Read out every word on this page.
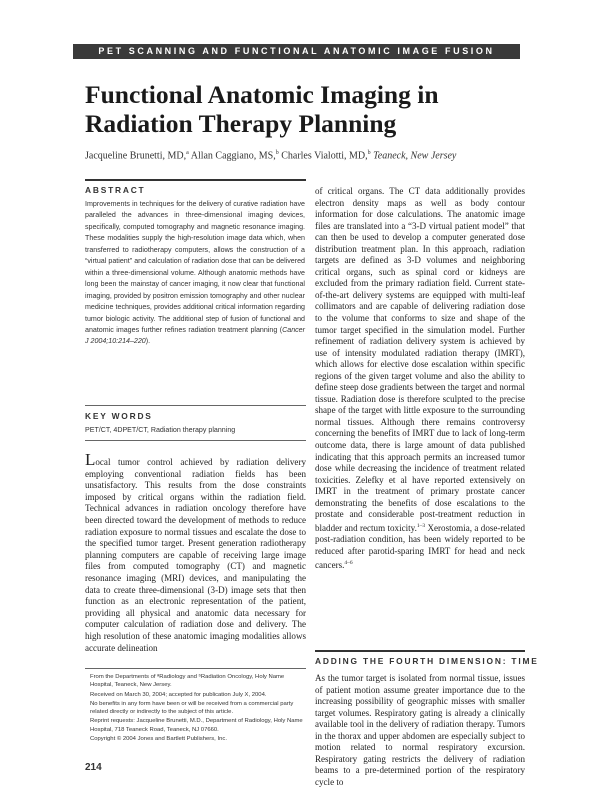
PET SCANNING AND FUNCTIONAL ANATOMIC IMAGE FUSION
Functional Anatomic Imaging in Radiation Therapy Planning
Jacqueline Brunetti, MD,$^a$ Allan Caggiano, MS,$^b$ Charles Vialotti, MD,$^b$ Teaneck, New Jersey
ABSTRACT

Improvements in techniques for the delivery of curative radiation have paralleled the advances in three-dimensional imaging devices, specifically, computed tomography and magnetic resonance imaging. These modalities supply the high-resolution image data which, when transferred to radiotherapy computers, allows the construction of a “virtual patient” and calculation of radiation dose that can be delivered within a three-dimensional volume. Although anatomic methods have long been the mainstay of cancer imaging, it now clear that functional imaging, provided by positron emission tomography and other nuclear medicine techniques, provides additional critical information regarding tumor biologic activity. The additional step of fusion of functional and anatomic images further refines radiation treatment planning (Cancer J 2004;10:214–220).

KEY WORDS

PET/CT, 4DPET/CT, Radiation therapy planning

Local tumor control achieved by radiation delivery employing conventional radiation fields has been unsatisfactory. This results from the dose constraints imposed by critical organs within the radiation field. Technical advances in radiation oncology therefore have been directed toward the development of methods to reduce radiation exposure to normal tissues and escalate the dose to the specified tumor target. Present generation radiotherapy planning computers are capable of receiving large image files from computed tomography (CT) and magnetic resonance imaging (MRI) devices, and manipulating the data to create three-dimensional (3-D) image sets that then function as an electronic representation of the patient, providing all physical and anatomic data necessary for computer calculation of radiation dose and delivery. The high resolution of these anatomic imaging modalities allows accurate delineation

From the Departments of ªRadiology and ᵇRadiation Oncology, Holy Name Hospital, Teaneck, New Jersey.

Received on March 30, 2004; accepted for publication July X, 2004.

No benefits in any form have been or will be received from a commercial party related directly or indirectly to the subject of this article.

Reprint requests: Jacqueline Brunetti, M.D., Department of Radiology, Holy Name Hospital, 718 Teaneck Road, Teaneck, NJ 07660.

Copyright © 2004 Jones and Bartlett Publishers, Inc.

of critical organs. The CT data additionally provides electron density maps as well as body contour information for dose calculations. The anatomic image files are translated into a “3-D virtual patient model” that can then be used to develop a computer generated dose distribution treatment plan. In this approach, radiation targets are defined as 3-D volumes and neighboring critical organs, such as spinal cord or kidneys are excluded from the primary radiation field. Current state-of-the-art delivery systems are equipped with multi-leaf collimators and are capable of delivering radiation dose to the volume that conforms to size and shape of the tumor target specified in the simulation model. Further refinement of radiation delivery system is achieved by use of intensity modulated radiation therapy (IMRT), which allows for elective dose escalation within specific regions of the given target volume and also the ability to define steep dose gradients between the target and normal tissue. Radiation dose is therefore sculpted to the precise shape of the target with little exposure to the surrounding normal tissues. Although there remains controversy concerning the benefits of IMRT due to lack of long-term outcome data, there is large amount of data published indicating that this approach permits an increased tumor dose while decreasing the incidence of treatment related toxicities. Zelefky et al have reported extensively on IMRT in the treatment of primary prostate cancer demonstrating the benefits of dose escalations to the prostate and considerable post-treatment reduction in bladder and rectum toxicity.$^{1-3}$ Xerostomia, a dose-related post-radiation condition, has been widely reported to be reduced after parotid-sparing IMRT for head and neck cancers.$^{4-6}$

ADDING THE FOURTH DIMENSION: TIME

As the tumor target is isolated from normal tissue, issues of patient motion assume greater importance due to the increasing possibility of geographic misses with smaller target volumes. Respiratory gating is already a clinically available tool in the delivery of radiation therapy. Tumors in the thorax and upper abdomen are especially subject to motion related to normal respiratory excursion. Respiratory gating restricts the delivery of radiation beams to a pre-determined portion of the respiratory cycle to

214
